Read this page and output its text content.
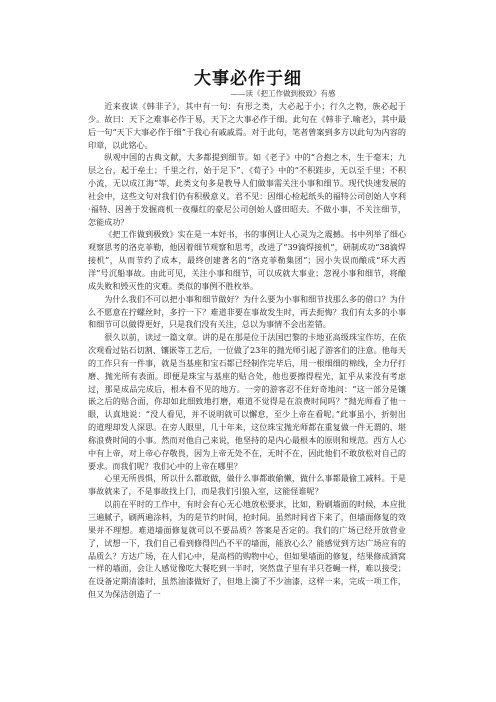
大事必作于细
——读《把工作做到极致》有感

近来夜读《韩非子》，其中有一句：有形之类，大必起于小；行久之物，族必起于少。故曰：天下之难事必作于易，天下之大事必作于细。此句在《韩非子.喻老》，其中最后一句“天下大事必作于细”于我心有戚戚焉。对于此句，笔者曾案到多方以此句为内容的印章，以此铭心。

纵观中国的古典文献，大多都提到细节。如《老子》中的“合抱之木，生于毫末；九层之台，起于垒土；千里之行，始于足下”、《荀子》中的“不积跬步，无以至千里；不积小流，无以成江海”等，此类文句多是教导人们做事需关注小事和细节。现代快速发展的社会中，这些文句对我们仍有积极意义。君不见：因细心检起纸头的福特公司创始人亨利·福特、因善于发掘商机一夜爆红的豪尼公司创始人盛田昭夫。不做小事，不关注细节，怎能成功？

《把工作做到极致》实在是一本好书，书的事例让人心灵为之震撼。书中列举了细心观察思考的洛克菲勒，他因着细节观察和思考，改进了“39滴焊接机”，研制成功“38滴焊接机”，从而节约了成本，最终创建著名的“洛克菲勒集团”；因小失误而酿成“环大西洋”号沉船事故。由此可见，关注小事和细节，可以成就大事业；忽视小事和细节，将酿成失败和毁灭性的灾难。类似的事例不胜枚举。

为什么我们不可以把小事和细节做好？为什么要为小事和细节找那么多的借口？为什么不愿意在拧螺丝时，多拧一下？难道非要在事故发生时，再去扼悔？我们有太多的小事和细节可以做得更好，只是我们没有关注，总以为事情不会出差错。

很久以前，读过一篇文章。讲的是在那是位于法国巴黎的卡地亚高级珠宝作坊，在依次观看过钻石切割、镶嵌等工艺后，一位做了23年的抛光师引起了游客们的注意。他每天的工作只有一件事，就是当基座和宝石都已经制作完毕后，用一根细细的棉线，全力仔打磨、抛光所有表面。即便是珠宝与基座的贴合处，他也要擦得程光，缸乎从来没有考虑过，那是成品完成后，根本看不见的地方。一旁的游客忍不住好奇地问：“这一部分是镶嵌之后的贴合面，你却如此细致地打磨，难道不觉得是在浪费时间吗？”抛光师看了他一眼，认真地说：“没人看见，并不说明就可以懈怠，至少上帝在看呢。”此事虽小，折射出的道理却发人深思。在旁人眼里，几十年来，这位珠宝抛光师都在重复做一件无谓的、堪称浪费时间的小事。然而对他自己来说，他坚持的是内心最根本的原则和规范。西方人心中有上帝，对上帝心存敬畏，因为上帝无处不在，无时不在，因此他们不敢放松对自己的要求。而我们呢？我们心中的上帝在哪里？

心里无所畏惧，所以什么都敢做，做什么事都敢偷懒，做什么事都最偷工减料。于是事故就来了，不是事故找上门，而是我们引狼入室，这能怪谁呢？

以前在平时的工作中，有时会有心无心地放松要求，比如，粉刷墙面的时候，本应批三遍腻子，刷两遍涂料，为的是节约时间，抢时间。虽然时间省下来了，但墙面修复的效果并不理想。难道墙面修复就可以不要品质？答案是否定的。我们的广场已经开放营业了，试想一下，我们自己看到修得凹凸不平的墙面，能放心么？能感觉到方达广场应有的品质么？方达广场，在人们心中，是高档的购物中心，但如果墙面的修复，结果修成酒窝一样的墙面，会让人感觉像吃大餐吃到一半时，突然盘子里有半只苍蝇一样，难以接受；在设备定期清漆时，虽然油漆做好了，但地上滴了不少油漆，这样一来，完成一项工作，但又为保洁创造了一
